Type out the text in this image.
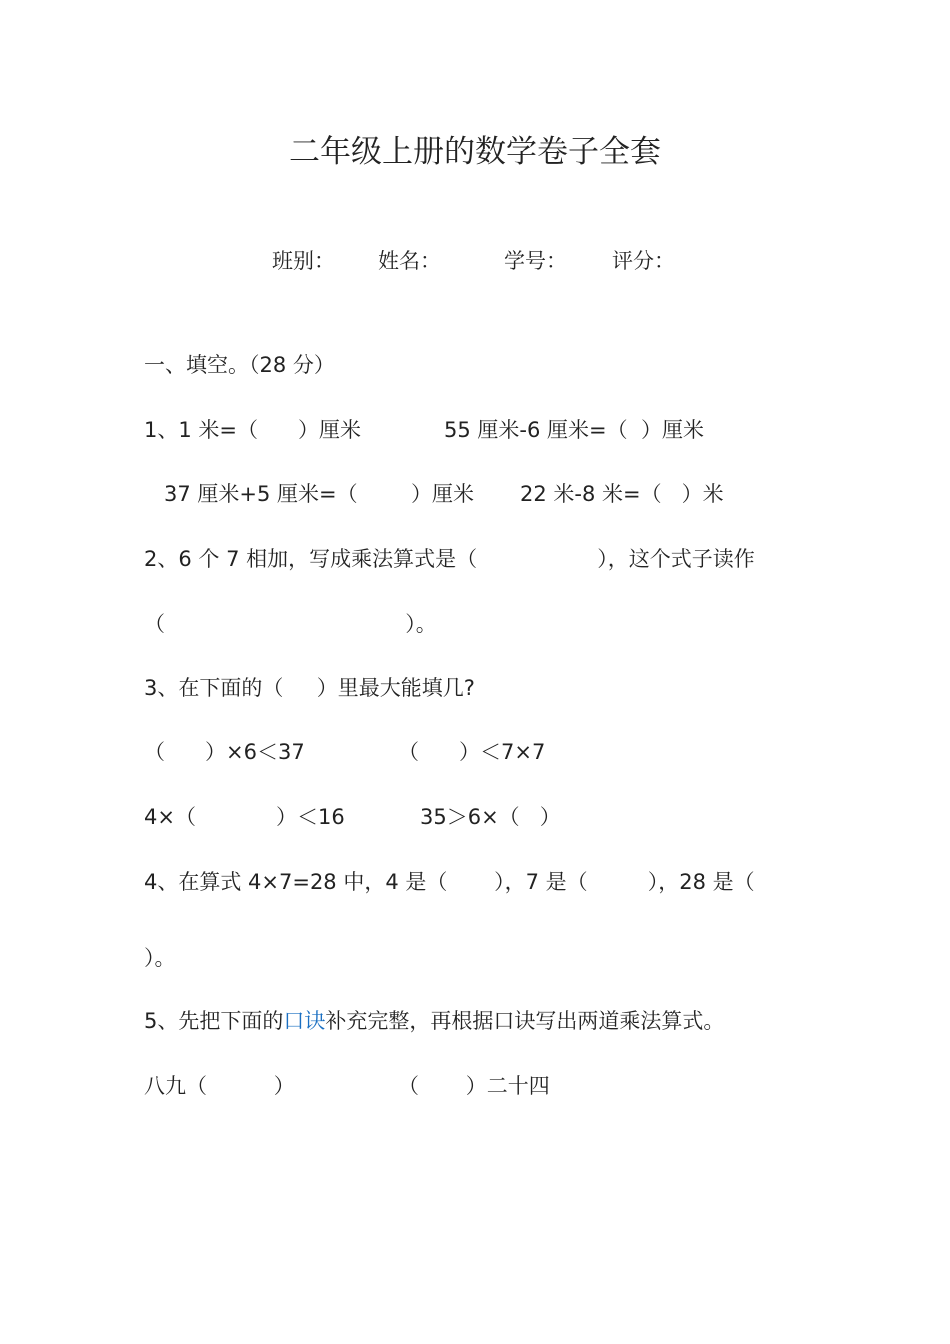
二年级上册的数学卷子全套
班别： 姓名：	学号： 评分：
一、填空。（28 分）
1、1 米=（      ）厘米	55 厘米-6 厘米=（  ）厘米
37 厘米+5 厘米=（        ）厘米 22 米-8 米=（   ）米
2、6 个 7 相加，写成乘法算式是（                  ），这个式子读作
（                                    ）。
3、在下面的（     ）里最大能填几?
（      ）×6＜37	（      ）＜7×7
4×（            ）＜16	35＞6×（   ）
4、在算式 4×7=28 中，4 是（       ），7 是（         ），28 是（
）。
5、先把下面的口诀补充完整，再根据口诀写出两道乘法算式。
八九（          ）	（       ）二十四
